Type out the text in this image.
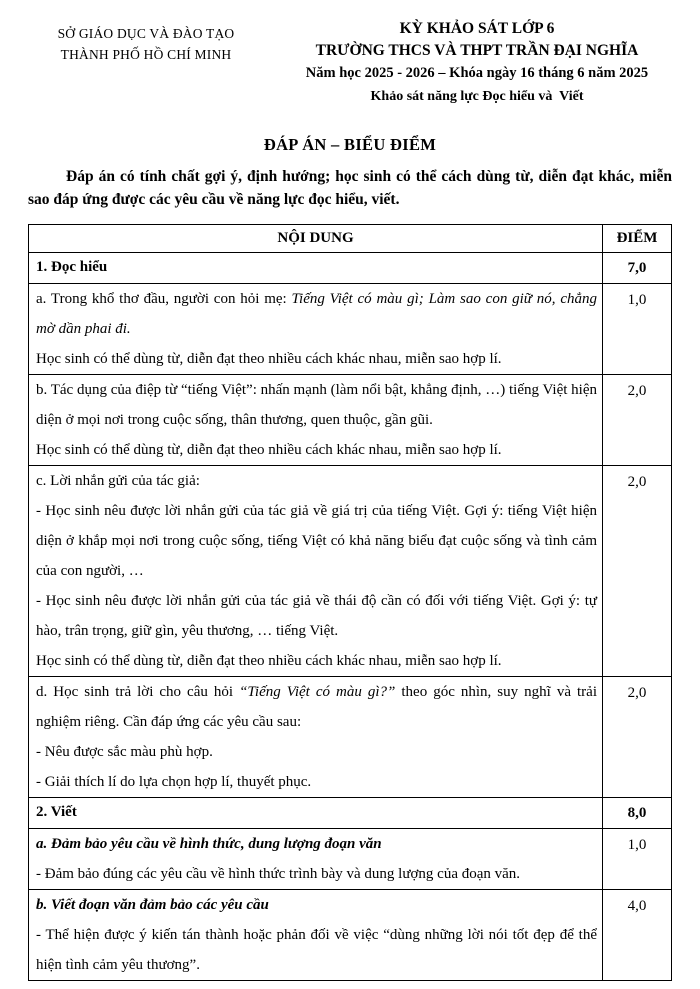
SỞ GIÁO DỤC VÀ ĐÀO TẠO
THÀNH PHỐ HỒ CHÍ MINH
KỲ KHẢO SÁT LỚP 6
TRƯỜNG THCS VÀ THPT TRẦN ĐẠI NGHĨA
Năm học 2025 - 2026 – Khóa ngày 16 tháng 6 năm 2025
Khảo sát năng lực Đọc hiểu và  Viết
ĐÁP ÁN – BIỂU ĐIỂM

Đáp án có tính chất gợi ý, định hướng; học sinh có thể cách dùng từ, diễn đạt khác, miễn sao đáp ứng được các yêu cầu về năng lực đọc hiểu, viết.

NỘI DUNG	ĐIỂM

1. Đọc hiểu	7,0

a. Trong khổ thơ đầu, người con hỏi mẹ: Tiếng Việt có màu gì; Làm sao con giữ nó, chẳng mờ dần phai đi.

Học sinh có thể dùng từ, diễn đạt theo nhiều cách khác nhau, miễn sao hợp lí.	1,0

b. Tác dụng của điệp từ “tiếng Việt”: nhấn mạnh (làm nổi bật, khẳng định, …) tiếng Việt hiện diện ở mọi nơi trong cuộc sống, thân thương, quen thuộc, gần gũi.

Học sinh có thể dùng từ, diễn đạt theo nhiều cách khác nhau, miễn sao hợp lí.	2,0

c. Lời nhắn gửi của tác giả:

- Học sinh nêu được lời nhắn gửi của tác giả về giá trị của tiếng Việt. Gợi ý: tiếng Việt hiện diện ở khắp mọi nơi trong cuộc sống, tiếng Việt có khả năng biểu đạt cuộc sống và tình cảm của con người, …

- Học sinh nêu được lời nhắn gửi của tác giả về thái độ cần có đối với tiếng Việt. Gợi ý: tự hào, trân trọng, giữ gìn, yêu thương, … tiếng Việt.

Học sinh có thể dùng từ, diễn đạt theo nhiều cách khác nhau, miễn sao hợp lí.	2,0

d. Học sinh trả lời cho câu hỏi “Tiếng Việt có màu gì?” theo góc nhìn, suy nghĩ và trải nghiệm riêng. Cần đáp ứng các yêu cầu sau:

- Nêu được sắc màu phù hợp.

- Giải thích lí do lựa chọn hợp lí, thuyết phục.	2,0

2. Viết	8,0

a. Đảm bảo yêu cầu về hình thức, dung lượng đoạn văn

- Đảm bảo đúng các yêu cầu về hình thức trình bày và dung lượng của đoạn văn.	1,0

b. Viết đoạn văn đảm bảo các yêu cầu

- Thể hiện được ý kiến tán thành hoặc phản đối về việc “dùng những lời nói tốt đẹp để thể hiện tình cảm yêu thương”.	4,0
